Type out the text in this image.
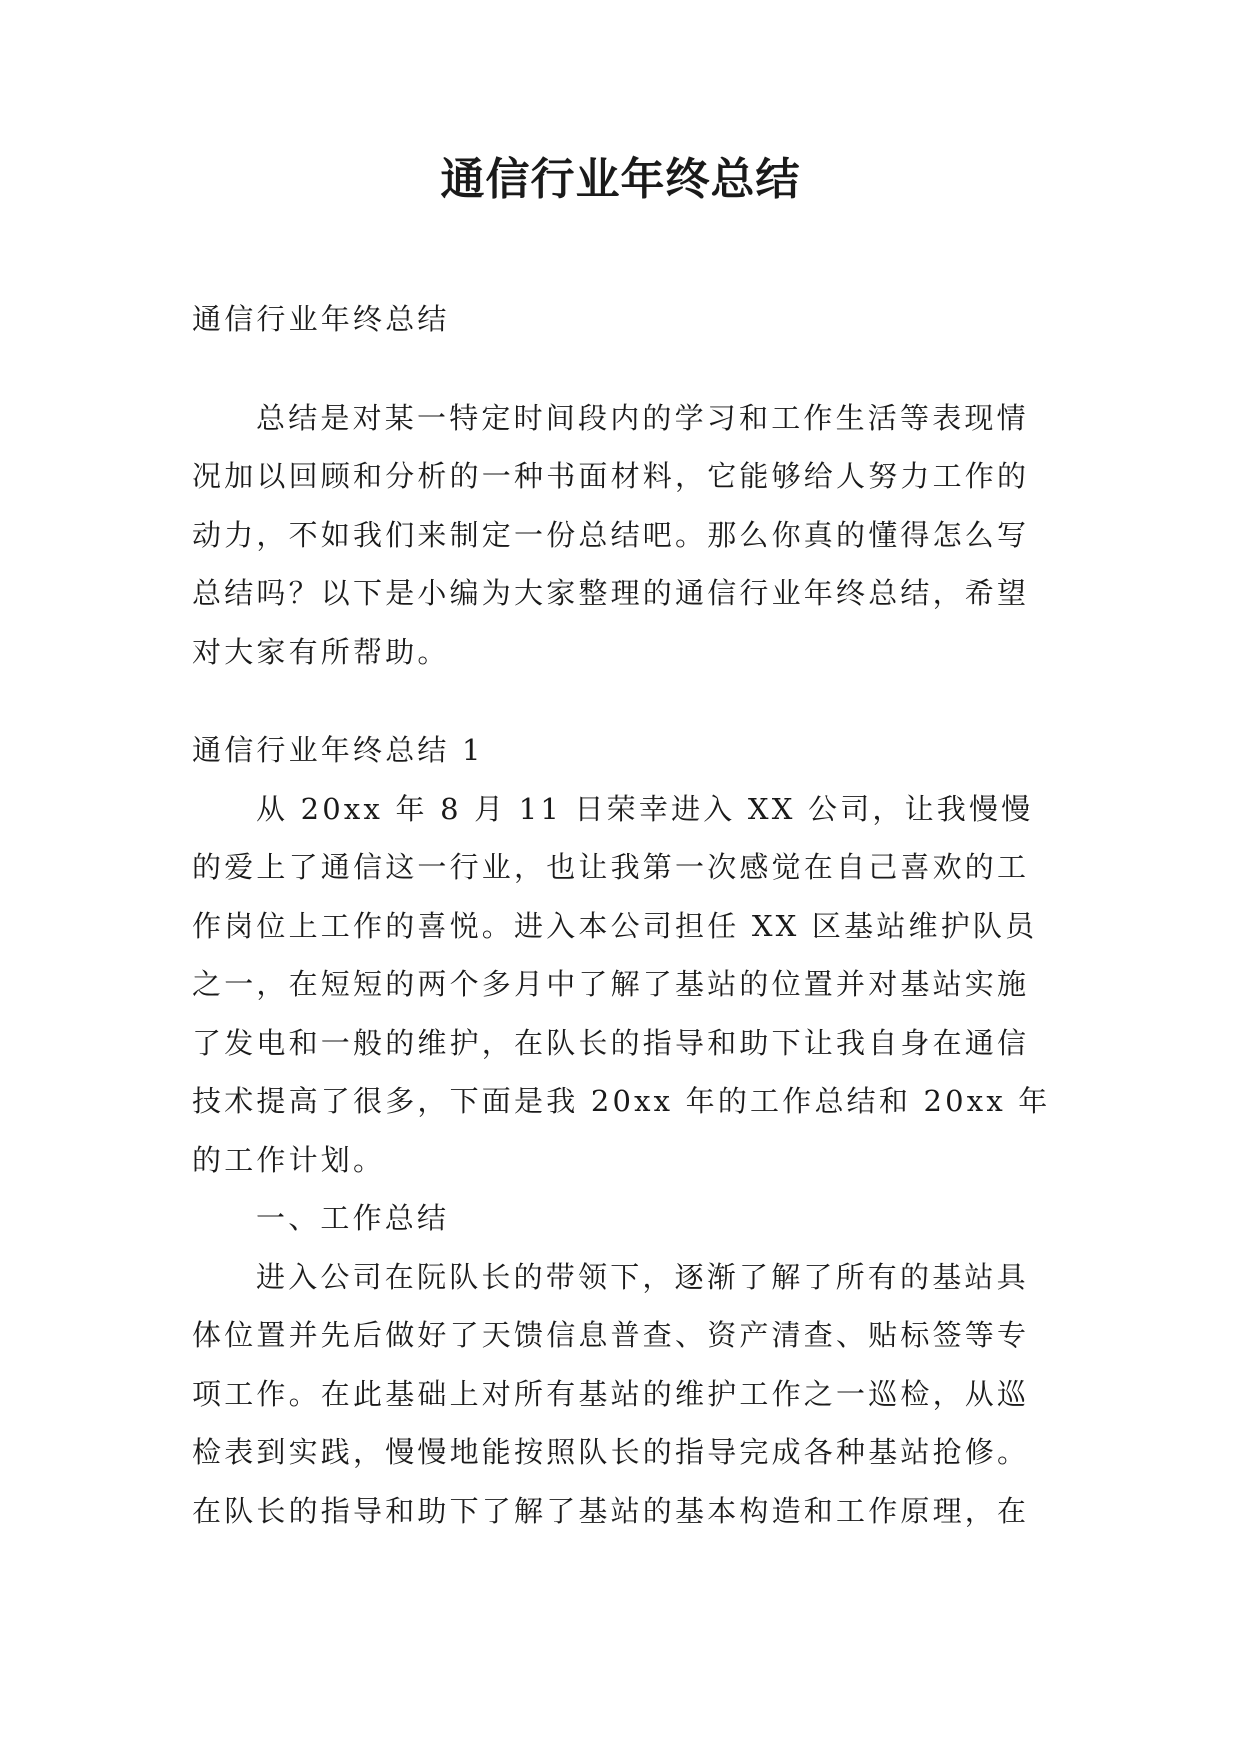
通信行业年终总结

通信行业年终总结

总结是对某一特定时间段内的学习和工作生活等表现情况加以回顾和分析的一种书面材料，它能够给人努力工作的动力，不如我们来制定一份总结吧。那么你真的懂得怎么写总结吗？以下是小编为大家整理的通信行业年终总结，希望对大家有所帮助。

通信行业年终总结 1

从 20xx 年 8 月 11 日荣幸进入 XX 公司，让我慢慢的爱上了通信这一行业，也让我第一次感觉在自己喜欢的工作岗位上工作的喜悦。进入本公司担任 XX 区基站维护队员之一，在短短的两个多月中了解了基站的位置并对基站实施了发电和一般的维护，在队长的指导和助下让我自身在通信技术提高了很多，下面是我 20xx 年的工作总结和 20xx 年的工作计划。

一、工作总结

进入公司在阮队长的带领下，逐渐了解了所有的基站具体位置并先后做好了天馈信息普查、资产清查、贴标签等专项工作。在此基础上对所有基站的维护工作之一巡检，从巡检表到实践，慢慢地能按照队长的指导完成各种基站抢修。在队长的指导和助下了解了基站的基本构造和工作原理，在
